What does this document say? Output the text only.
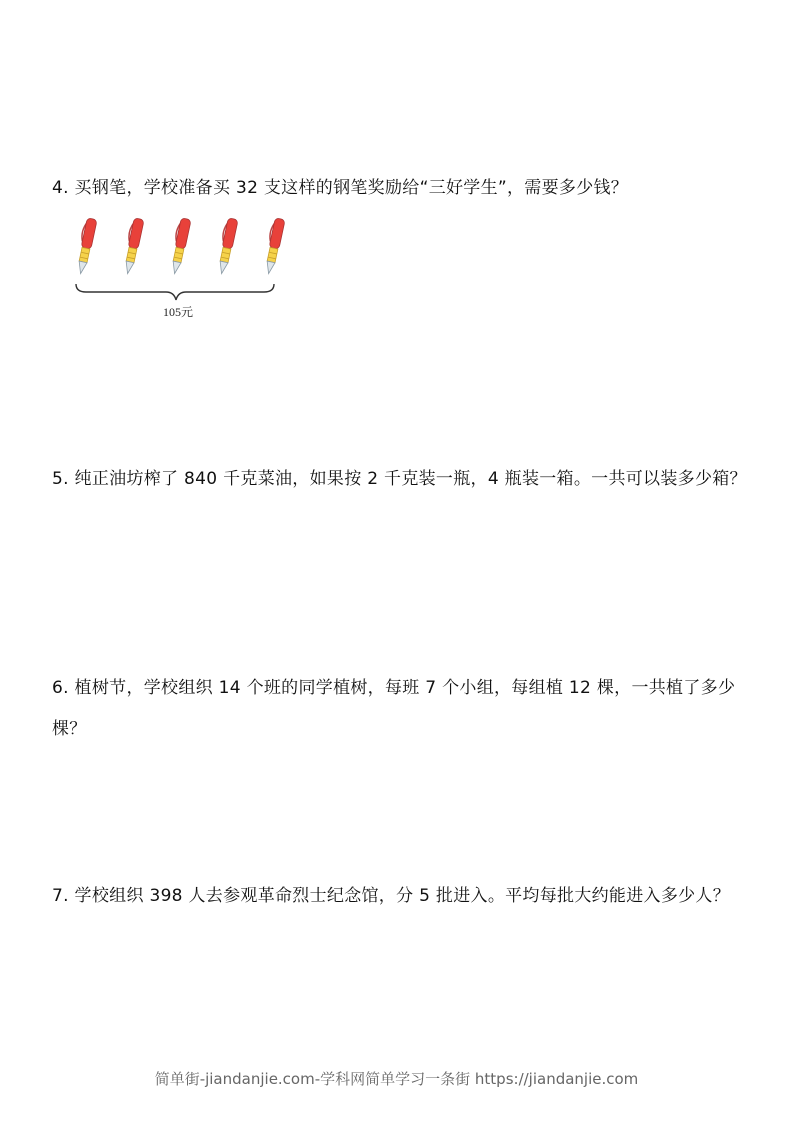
4. 买钢笔，学校准备买 32 支这样的钢笔奖励给“三好学生”，需要多少钱？
105元
5. 纯正油坊榨了 840 千克菜油，如果按 2 千克装一瓶，4 瓶装一箱。一共可以装多少箱？
6. 植树节，学校组织 14 个班的同学植树，每班 7 个小组，每组植 12 棵，一共植了多少棵？
7. 学校组织 398 人去参观革命烈士纪念馆，分 5 批进入。平均每批大约能进入多少人？
简单街-jiandanjie.com-学科网简单学习一条街 https://jiandanjie.com
